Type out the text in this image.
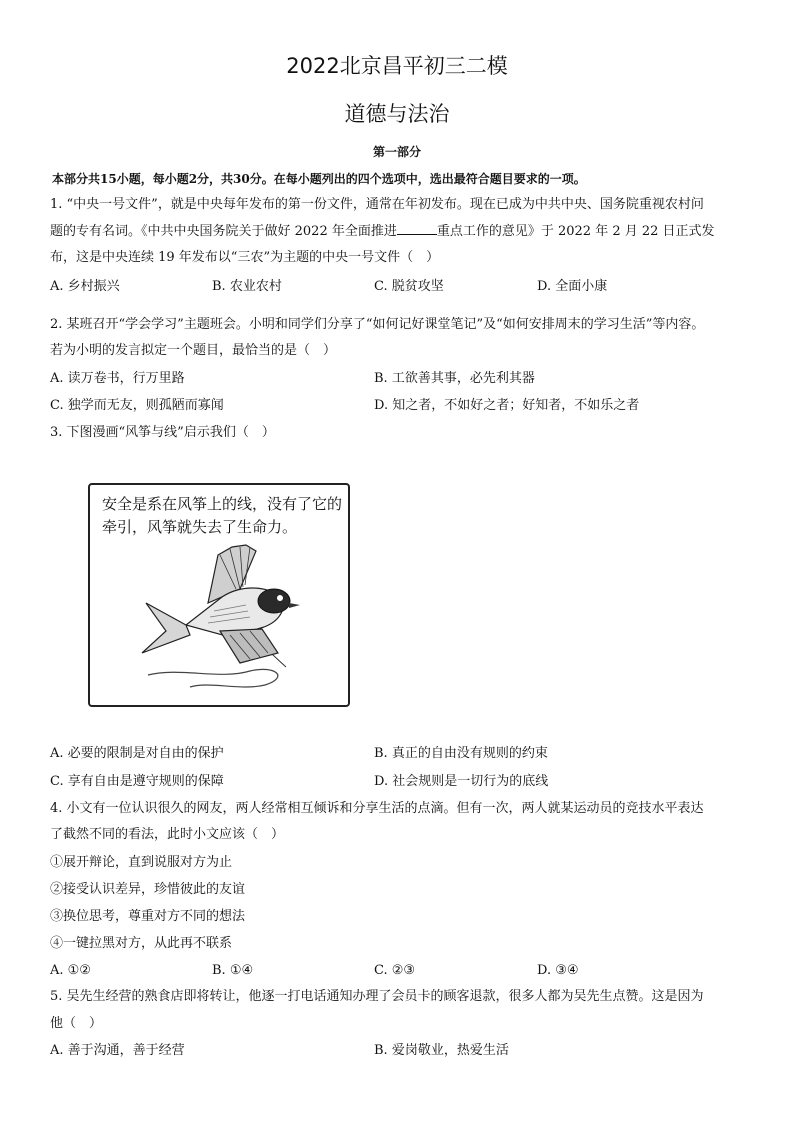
2022北京昌平初三二模
道德与法治
第一部分
本部分共15小题，每小题2分，共30分。在每小题列出的四个选项中，选出最符合题目要求的一项。
1. “中央一号文件”，就是中央每年发布的第一份文件，通常在年初发布。现在已成为中共中央、国务院重视农村问
题的专有名词。《中共中央国务院关于做好 2022 年全面推进	重点工作的意见》于 2022 年 2 月 22 日正式发
布，这是中央连续 19 年发布以“三农”为主题的中央一号文件（　）
A. 乡村振兴	B. 农业农村	C. 脱贫攻坚	D. 全面小康
2. 某班召开“学会学习”主题班会。小明和同学们分享了“如何记好课堂笔记”及“如何安排周末的学习生活”等内容。
若为小明的发言拟定一个题目，最恰当的是（　）
A. 读万卷书，行万里路	B. 工欲善其事，必先利其器
C. 独学而无友，则孤陋而寡闻	D. 知之者，不如好之者；好知者，不如乐之者
3. 下图漫画“风筝与线”启示我们（　）
安全是系在风筝上的线，没有了它的牵引，风筝就失去了生命力。
A. 必要的限制是对自由的保护	B. 真正的自由没有规则的约束
C. 享有自由是遵守规则的保障	D. 社会规则是一切行为的底线
4. 小文有一位认识很久的网友，两人经常相互倾诉和分享生活的点滴。但有一次，两人就某运动员的竞技水平表达
了截然不同的看法，此时小文应该（　）
①展开辩论，直到说服对方为止
②接受认识差异，珍惜彼此的友谊
③换位思考，尊重对方不同的想法
④一键拉黑对方，从此再不联系
A. ①②	B. ①④	C. ②③	D. ③④
5. 吴先生经营的熟食店即将转让，他逐一打电话通知办理了会员卡的顾客退款，很多人都为吴先生点赞。这是因为
他（　）
A. 善于沟通，善于经营	B. 爱岗敬业，热爱生活
